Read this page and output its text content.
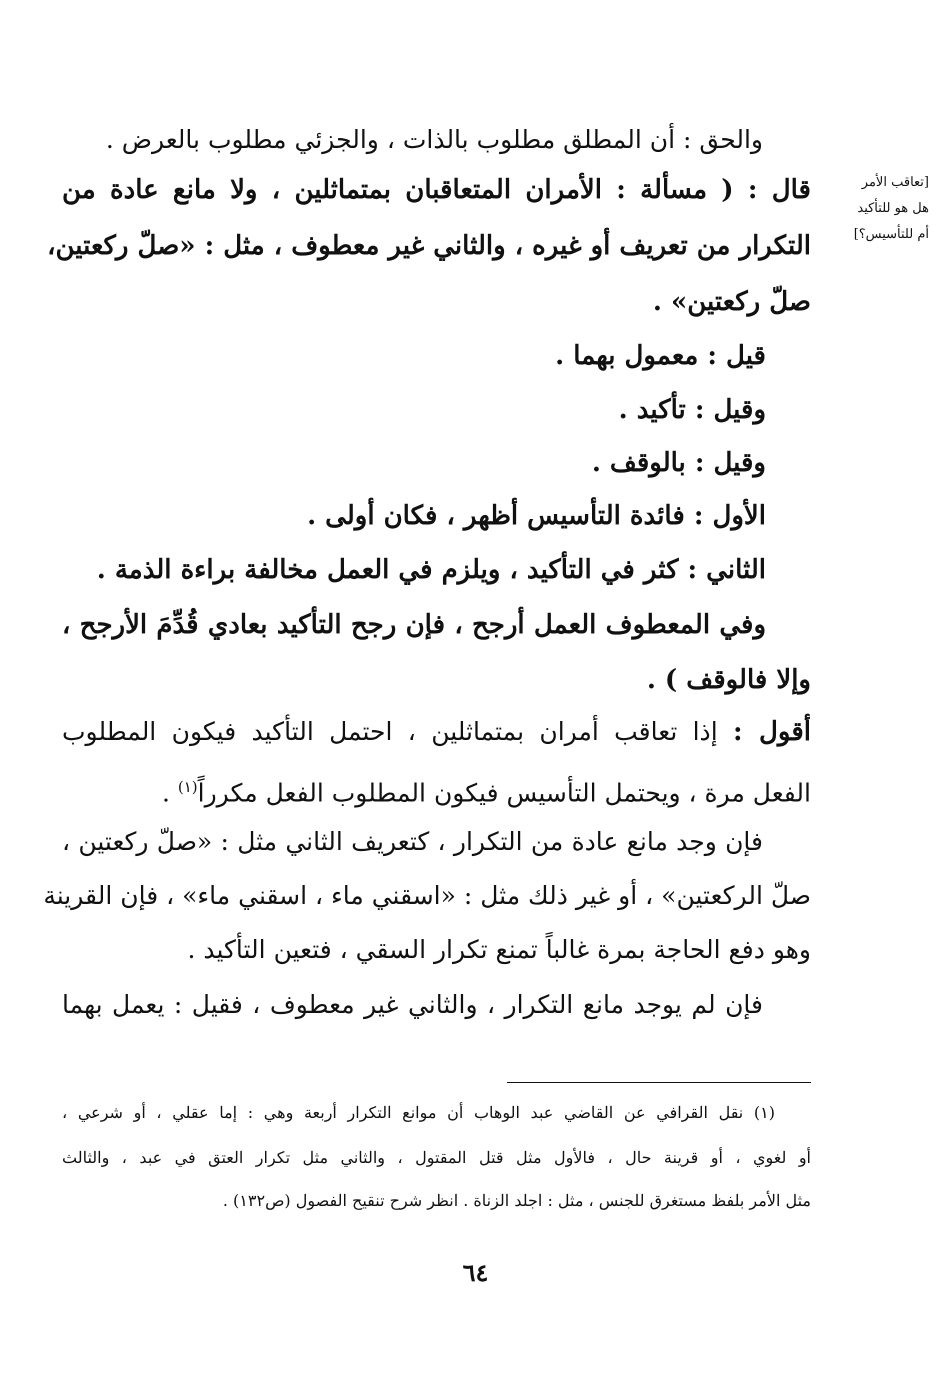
[تعاقب الأمر
هل هو للتأكيد
أم للتأسيس؟]
والحق : أن المطلق مطلوب بالذات ، والجزئي مطلوب بالعرض .
قال : ( مسألة : الأمران المتعاقبان بمتماثلين ، ولا مانع عادة من
التكرار من تعريف أو غيره ، والثاني غير معطوف ، مثل : «صلّ ركعتين،
صلّ ركعتين» .
قيل : معمول بهما .
وقيل : تأكيد .
وقيل : بالوقف .
الأول : فائدة التأسيس أظهر ، فكان أولى .
الثاني : كثر في التأكيد ، ويلزم في العمل مخالفة براءة الذمة .
وفي المعطوف العمل أرجح ، فإن رجح التأكيد بعادي قُدِّمَ الأرجح ،
وإلا فالوقف ) .
أقول : إذا تعاقب أمران بمتماثلين ، احتمل التأكيد فيكون المطلوب
الفعل مرة ، ويحتمل التأسيس فيكون المطلوب الفعل مكرراً$^{(١)}$ .
فإن وجد مانع عادة من التكرار ، كتعريف الثاني مثل : «صلّ ركعتين ،
صلّ الركعتين» ، أو غير ذلك مثل : «اسقني ماء ، اسقني ماء» ، فإن القرينة
وهو دفع الحاجة بمرة غالباً تمنع تكرار السقي ، فتعين التأكيد .
فإن لم يوجد مانع التكرار ، والثاني غير معطوف ، فقيل : يعمل بهما
(١) نقل القرافي عن القاضي عبد الوهاب أن موانع التكرار أربعة وهي : إما عقلي ، أو شرعي ،
أو لغوي ، أو قرينة حال ، فالأول مثل قتل المقتول ، والثاني مثل تكرار العتق في عبد ، والثالث
مثل الأمر بلفظ مستغرق للجنس ، مثل : اجلد الزناة . انظر شرح تنقيح الفصول (ص١٣٢) .
٦٤
